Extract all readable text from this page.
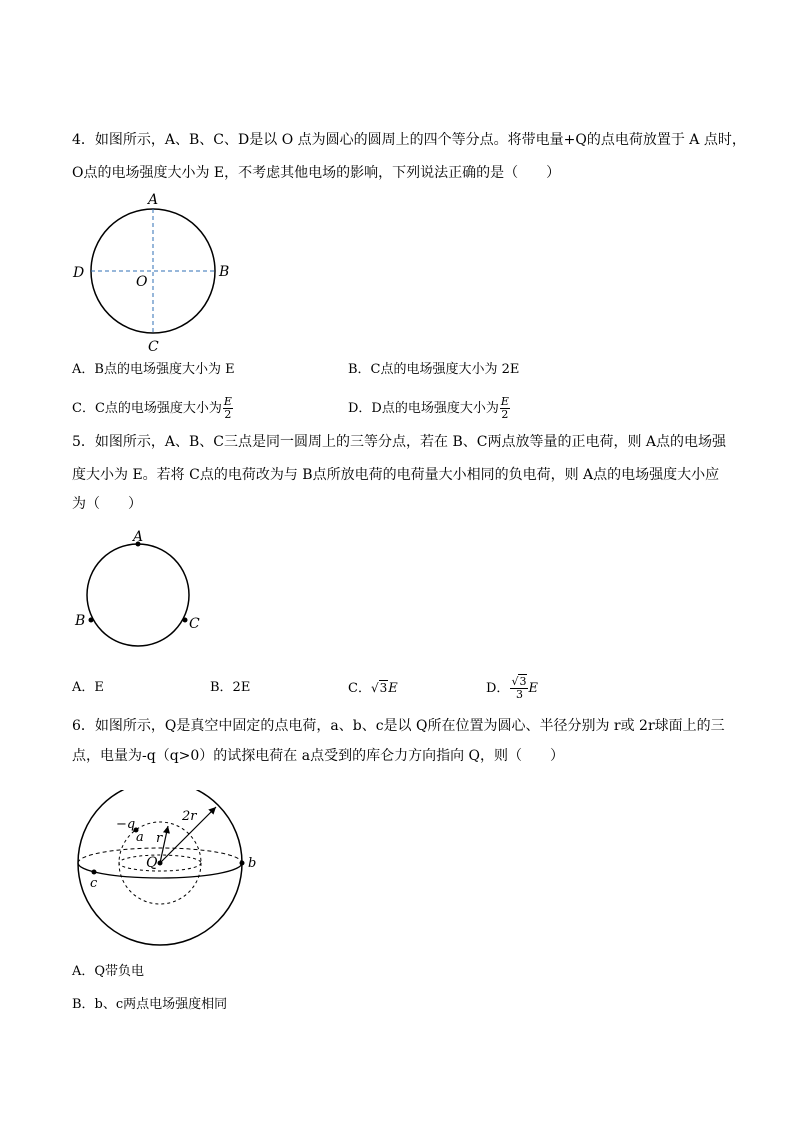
4．如图所示，A、B、C、D是以 O 点为圆心的圆周上的四个等分点。将带电量+Q的点电荷放置于 A 点时，
O点的电场强度大小为 E，不考虑其他电场的影响，下列说法正确的是（　　）
A
B
C
D
O
A．B点的电场强度大小为 E	B．C点的电场强度大小为 2E
C．C点的电场强度大小为 $\frac{E}{2}$	D．D点的电场强度大小为 $\frac{E}{2}$
5．如图所示，A、B、C三点是同一圆周上的三等分点，若在 B、C两点放等量的正电荷，则 A点的电场强
度大小为 E。若将 C点的电荷改为与 B点所放电荷的电荷量大小相同的负电荷，则 A点的电场强度大小应
为（　　）
A
B	C
A．E	B．2E	C．√3E	D． $\frac{√3}{3}$ E
6．如图所示，Q是真空中固定的点电荷，a、b、c是以 Q所在位置为圆心、半径分别为 r或 2r球面上的三
点，电量为-q（q>0）的试探电荷在 a点受到的库仑力方向指向 Q，则（　　）
Q
a
b
c
r
2r
−q
A．Q带负电
B．b、c两点电场强度相同
